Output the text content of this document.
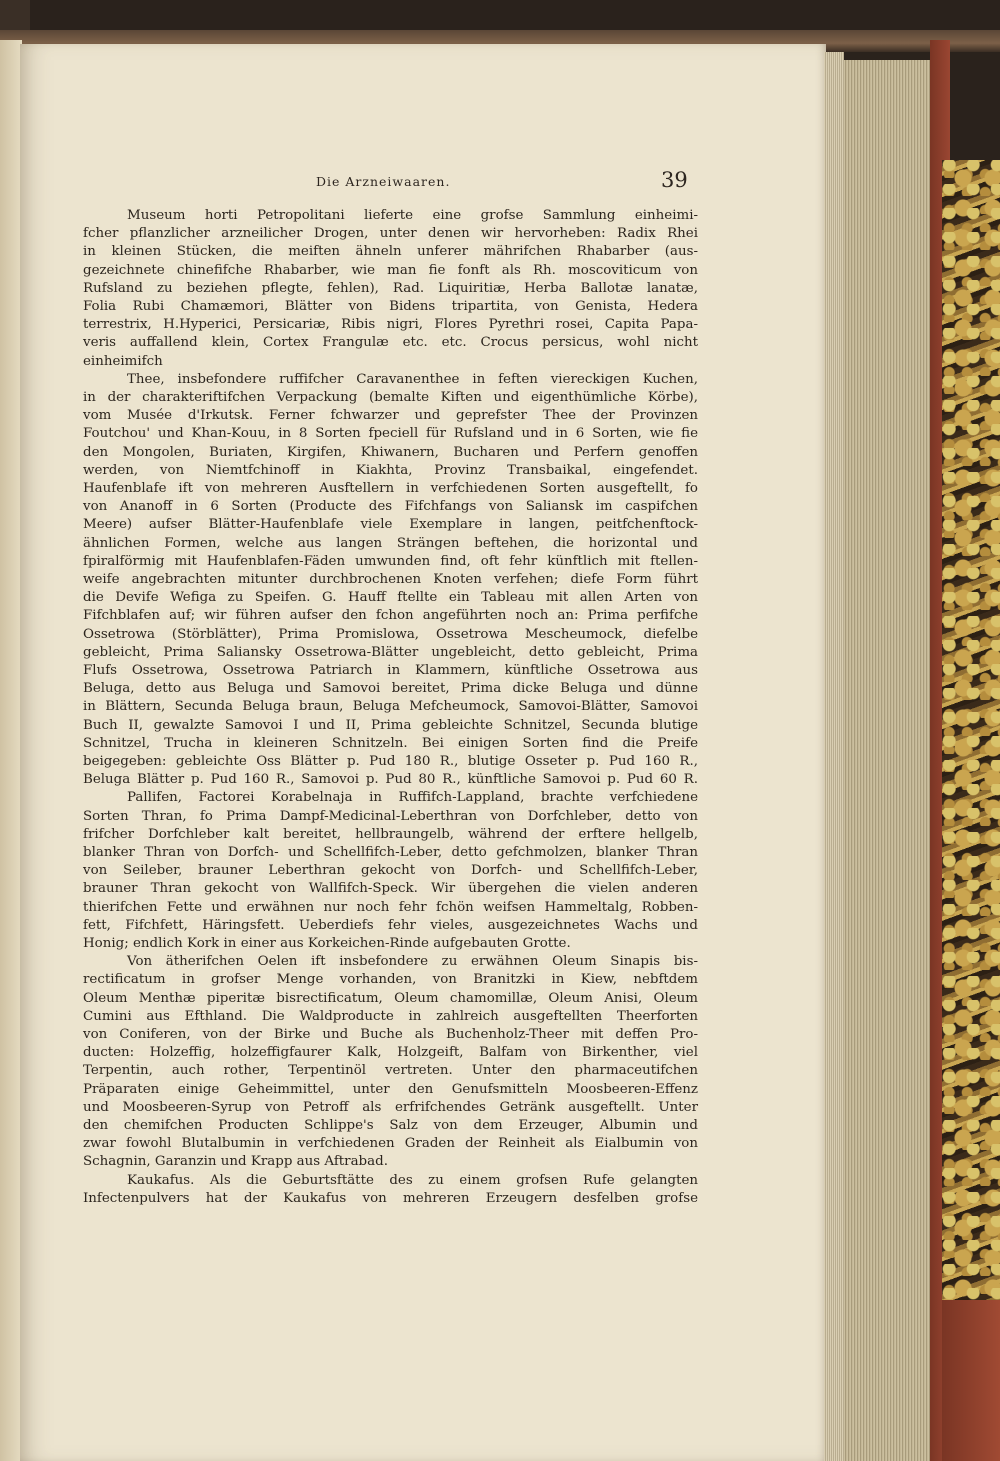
Die Arzneiwaaren.	39
Museum horti Petropolitani lieferte eine grofse Sammlung einheimi-
fcher pflanzlicher arzneilicher Drogen, unter denen wir hervorheben: Radix Rhei
in kleinen Stücken, die meiften ähneln unferer mährifchen Rhabarber (aus-
gezeichnete chinefifche Rhabarber, wie man fie fonft als Rh. moscoviticum von
Rufsland zu beziehen pflegte, fehlen), Rad. Liquiritiæ, Herba Ballotæ lanatæ,
Folia Rubi Chamæmori, Blätter von Bidens tripartita, von Genista, Hedera
terrestrix, H.Hyperici, Persicariæ, Ribis nigri, Flores Pyrethri rosei, Capita Papa-
veris auffallend klein, Cortex Frangulæ etc. etc. Crocus persicus, wohl nicht
einheimifch
Thee, insbefondere ruffifcher Caravanenthee in feften viereckigen Kuchen,
in der charakteriftifchen Verpackung (bemalte Kiften und eigenthümliche Körbe),
vom Musée d'Irkutsk. Ferner fchwarzer und geprefster Thee der Provinzen
Foutchou' und Khan-Kouu, in 8 Sorten fpeciell für Rufsland und in 6 Sorten, wie fie
den Mongolen, Buriaten, Kirgifen, Khiwanern, Bucharen und Perfern genoffen
werden, von Niemtfchinoff in Kiakhta, Provinz Transbaikal, eingefendet.
Haufenblafe ift von mehreren Ausftellern in verfchiedenen Sorten ausgeftellt, fo
von Ananoff in 6 Sorten (Producte des Fifchfangs von Saliansk im caspifchen
Meere) aufser Blätter-Haufenblafe viele Exemplare in langen, peitfchenftock-
ähnlichen Formen, welche aus langen Strängen beftehen, die horizontal und
fpiralförmig mit Haufenblafen-Fäden umwunden find, oft fehr künftlich mit ftellen-
weife angebrachten mitunter durchbrochenen Knoten verfehen; diefe Form führt
die Devife Wefiga zu Speifen. G. Hauff ftellte ein Tableau mit allen Arten von
Fifchblafen auf; wir führen aufser den fchon angeführten noch an: Prima perfifche
Ossetrowa (Störblätter), Prima Promislowa, Ossetrowa Mescheumock, diefelbe
gebleicht, Prima Saliansky Ossetrowa-Blätter ungebleicht, detto gebleicht, Prima
Flufs Ossetrowa, Ossetrowa Patriarch in Klammern, künftliche Ossetrowa aus
Beluga, detto aus Beluga und Samovoi bereitet, Prima dicke Beluga und dünne
in Blättern, Secunda Beluga braun, Beluga Mefcheumock, Samovoi-Blätter, Samovoi
Buch II, gewalzte Samovoi I und II, Prima gebleichte Schnitzel, Secunda blutige
Schnitzel, Trucha in kleineren Schnitzeln. Bei einigen Sorten find die Preife
beigegeben: gebleichte Oss Blätter p. Pud 180 R., blutige Osseter p. Pud 160 R.,
Beluga Blätter p. Pud 160 R., Samovoi p. Pud 80 R., künftliche Samovoi p. Pud 60 R.
Pallifen, Factorei Korabelnaja in Ruffifch-Lappland, brachte verfchiedene
Sorten Thran, fo Prima Dampf-Medicinal-Leberthran von Dorfchleber, detto von
frifcher Dorfchleber kalt bereitet, hellbraungelb, während der erftere hellgelb,
blanker Thran von Dorfch- und Schellfifch-Leber, detto gefchmolzen, blanker Thran
von Seileber, brauner Leberthran gekocht von Dorfch- und Schellfifch-Leber,
brauner Thran gekocht von Wallfifch-Speck. Wir übergehen die vielen anderen
thierifchen Fette und erwähnen nur noch fehr fchön weifsen Hammeltalg, Robben-
fett, Fifchfett, Häringsfett. Ueberdiefs fehr vieles, ausgezeichnetes Wachs und
Honig; endlich Kork in einer aus Korkeichen-Rinde aufgebauten Grotte.
Von ätherifchen Oelen ift insbefondere zu erwähnen Oleum Sinapis bis-
rectificatum in grofser Menge vorhanden, von Branitzki in Kiew, nebftdem
Oleum Menthæ piperitæ bisrectificatum, Oleum chamomillæ, Oleum Anisi, Oleum
Cumini aus Efthland. Die Waldproducte in zahlreich ausgeftellten Theerforten
von Coniferen, von der Birke und Buche als Buchenholz-Theer mit deffen Pro-
ducten: Holzeffig, holzeffigfaurer Kalk, Holzgeift, Balfam von Birkenther, viel
Terpentin, auch rother, Terpentinöl vertreten. Unter den pharmaceutifchen
Präparaten einige Geheimmittel, unter den Genufsmitteln Moosbeeren-Effenz
und Moosbeeren-Syrup von Petroff als erfrifchendes Getränk ausgeftellt. Unter
den chemifchen Producten Schlippe's Salz von dem Erzeuger, Albumin und
zwar fowohl Blutalbumin in verfchiedenen Graden der Reinheit als Eialbumin von
Schagnin, Garanzin und Krapp aus Aftrabad.
Kaukafus. Als die Geburtsftätte des zu einem grofsen Rufe gelangten
Infectenpulvers hat der Kaukafus von mehreren Erzeugern desfelben grofse
